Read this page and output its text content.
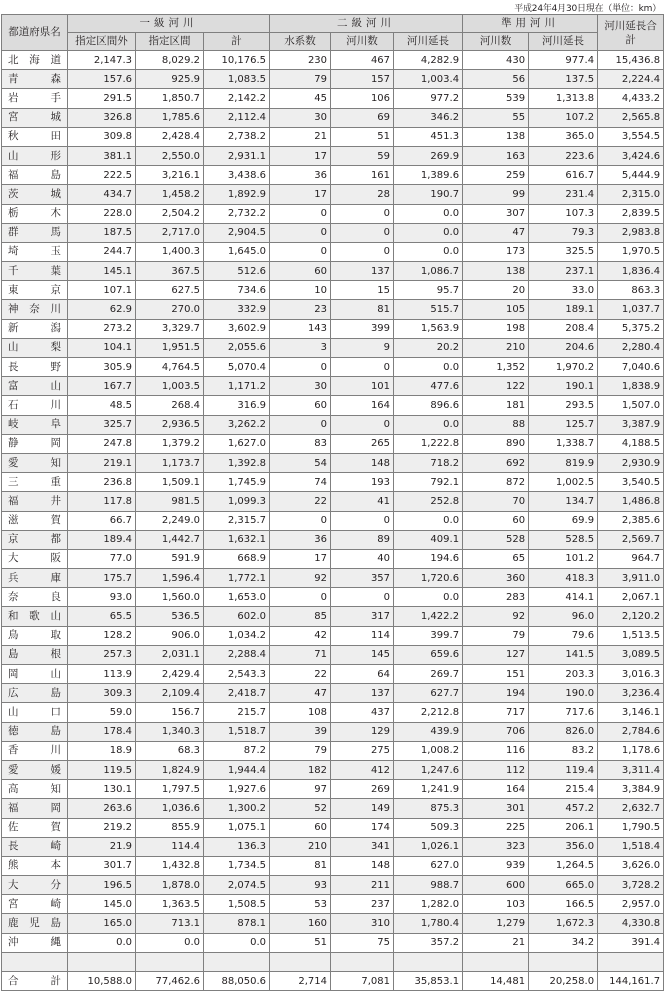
平成24年4月30日現在（単位：km）
都道府県名	一級河川			二級河川			準用河川		河川延長合計
	指定区間外	指定区間	計	水系数	河川数	河川延長	河川数	河川延長	
北海道	2,147.3	8,029.2	10,176.5	230	467	4,282.9	430	977.4	15,436.8
青森	157.6	925.9	1,083.5	79	157	1,003.4	56	137.5	2,224.4
岩手	291.5	1,850.7	2,142.2	45	106	977.2	539	1,313.8	4,433.2
宮城	326.8	1,785.6	2,112.4	30	69	346.2	55	107.2	2,565.8
秋田	309.8	2,428.4	2,738.2	21	51	451.3	138	365.0	3,554.5
山形	381.1	2,550.0	2,931.1	17	59	269.9	163	223.6	3,424.6
福島	222.5	3,216.1	3,438.6	36	161	1,389.6	259	616.7	5,444.9
茨城	434.7	1,458.2	1,892.9	17	28	190.7	99	231.4	2,315.0
栃木	228.0	2,504.2	2,732.2	0	0	0.0	307	107.3	2,839.5
群馬	187.5	2,717.0	2,904.5	0	0	0.0	47	79.3	2,983.8
埼玉	244.7	1,400.3	1,645.0	0	0	0.0	173	325.5	1,970.5
千葉	145.1	367.5	512.6	60	137	1,086.7	138	237.1	1,836.4
東京	107.1	627.5	734.6	10	15	95.7	20	33.0	863.3
神奈川	62.9	270.0	332.9	23	81	515.7	105	189.1	1,037.7
新潟	273.2	3,329.7	3,602.9	143	399	1,563.9	198	208.4	5,375.2
山梨	104.1	1,951.5	2,055.6	3	9	20.2	210	204.6	2,280.4
長野	305.9	4,764.5	5,070.4	0	0	0.0	1,352	1,970.2	7,040.6
富山	167.7	1,003.5	1,171.2	30	101	477.6	122	190.1	1,838.9
石川	48.5	268.4	316.9	60	164	896.6	181	293.5	1,507.0
岐阜	325.7	2,936.5	3,262.2	0	0	0.0	88	125.7	3,387.9
静岡	247.8	1,379.2	1,627.0	83	265	1,222.8	890	1,338.7	4,188.5
愛知	219.1	1,173.7	1,392.8	54	148	718.2	692	819.9	2,930.9
三重	236.8	1,509.1	1,745.9	74	193	792.1	872	1,002.5	3,540.5
福井	117.8	981.5	1,099.3	22	41	252.8	70	134.7	1,486.8
滋賀	66.7	2,249.0	2,315.7	0	0	0.0	60	69.9	2,385.6
京都	189.4	1,442.7	1,632.1	36	89	409.1	528	528.5	2,569.7
大阪	77.0	591.9	668.9	17	40	194.6	65	101.2	964.7
兵庫	175.7	1,596.4	1,772.1	92	357	1,720.6	360	418.3	3,911.0
奈良	93.0	1,560.0	1,653.0	0	0	0.0	283	414.1	2,067.1
和歌山	65.5	536.5	602.0	85	317	1,422.2	92	96.0	2,120.2
鳥取	128.2	906.0	1,034.2	42	114	399.7	79	79.6	1,513.5
島根	257.3	2,031.1	2,288.4	71	145	659.6	127	141.5	3,089.5
岡山	113.9	2,429.4	2,543.3	22	64	269.7	151	203.3	3,016.3
広島	309.3	2,109.4	2,418.7	47	137	627.7	194	190.0	3,236.4
山口	59.0	156.7	215.7	108	437	2,212.8	717	717.6	3,146.1
徳島	178.4	1,340.3	1,518.7	39	129	439.9	706	826.0	2,784.6
香川	18.9	68.3	87.2	79	275	1,008.2	116	83.2	1,178.6
愛媛	119.5	1,824.9	1,944.4	182	412	1,247.6	112	119.4	3,311.4
高知	130.1	1,797.5	1,927.6	97	269	1,241.9	164	215.4	3,384.9
福岡	263.6	1,036.6	1,300.2	52	149	875.3	301	457.2	2,632.7
佐賀	219.2	855.9	1,075.1	60	174	509.3	225	206.1	1,790.5
長崎	21.9	114.4	136.3	210	341	1,026.1	323	356.0	1,518.4
熊本	301.7	1,432.8	1,734.5	81	148	627.0	939	1,264.5	3,626.0
大分	196.5	1,878.0	2,074.5	93	211	988.7	600	665.0	3,728.2
宮崎	145.0	1,363.5	1,508.5	53	237	1,282.0	103	166.5	2,957.0
鹿児島	165.0	713.1	878.1	160	310	1,780.4	1,279	1,672.3	4,330.8
沖縄	0.0	0.0	0.0	51	75	357.2	21	34.2	391.4

合計	10,588.0	77,462.6	88,050.6	2,714	7,081	35,853.1	14,481	20,258.0	144,161.7
